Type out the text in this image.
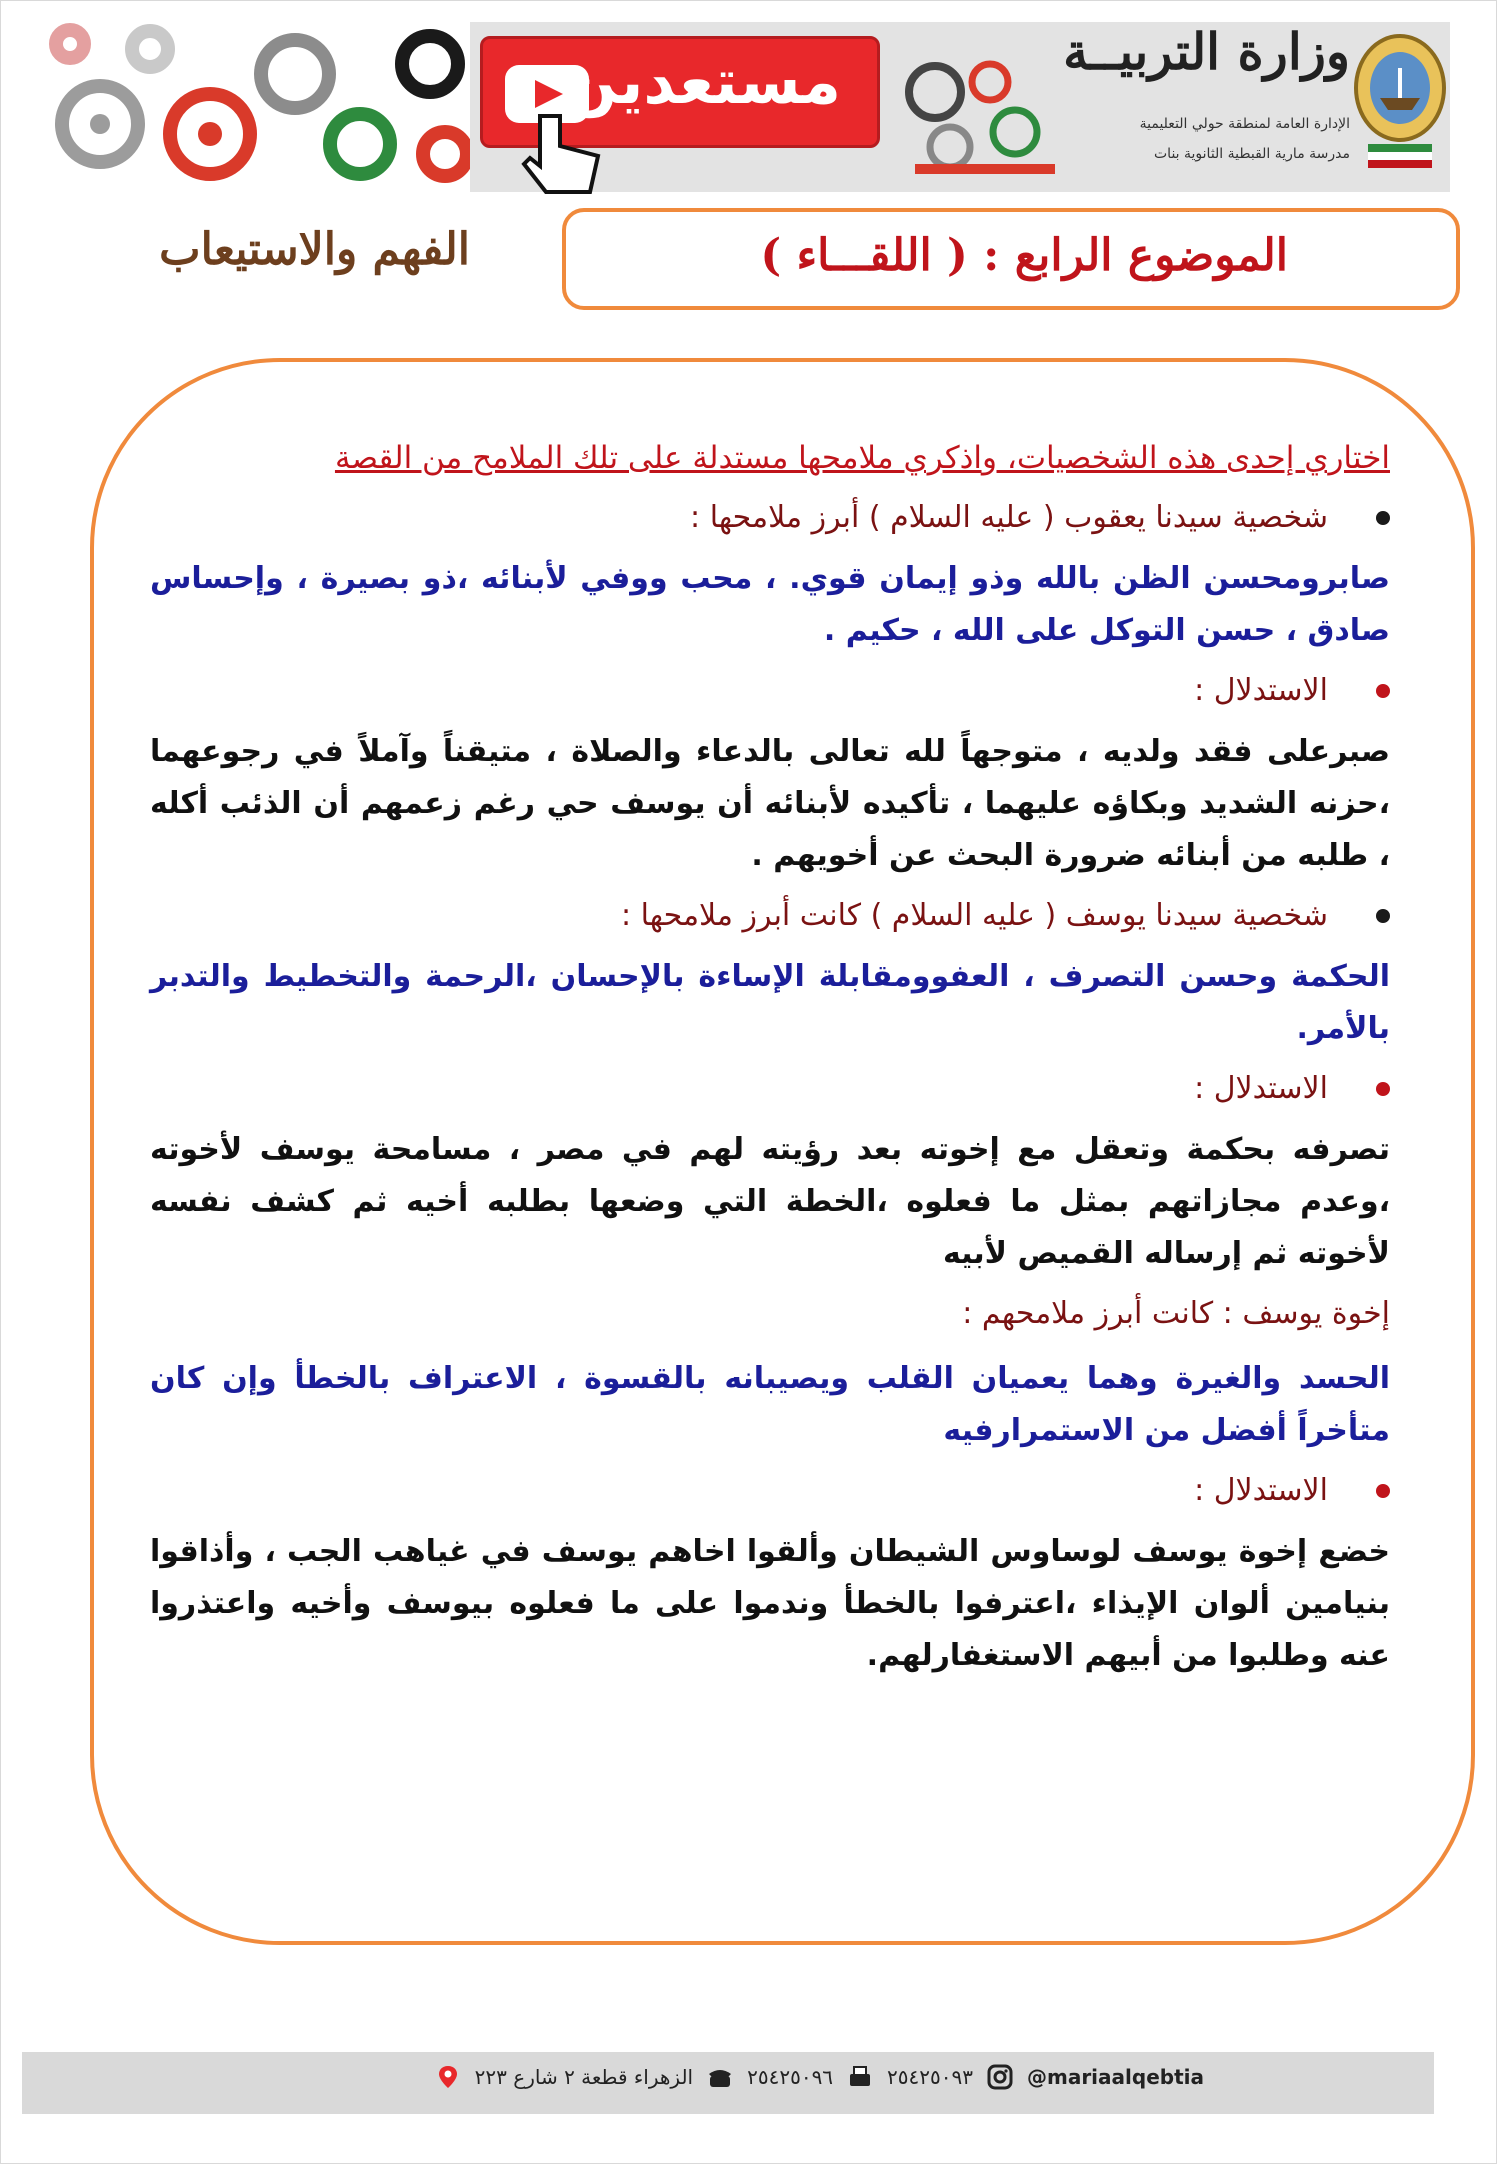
مستعدين	وزارة التربيــة
الإدارة العامة لمنطقة حولي التعليمية
مدرسة مارية القبطية الثانوية بنات
الفهم والاستيعاب	الموضوع الرابع : ( اللقـــاء )
اختاري إحدى هذه الشخصيات، واذكري ملامحها مستدلة على تلك الملامح من القصة
شخصية سيدنا يعقوب ( عليه السلام ) أبرز ملامحها :

صابرومحسن الظن بالله وذو إيمان قوي. ، محب ووفي لأبنائه ،ذو بصيرة ، وإحساس صادق ، حسن التوكل على الله ، حكيم .

الاستدلال :

صبرعلى فقد ولديه ، متوجهاً لله تعالى بالدعاء والصلاة ، متيقناً وآملاً في رجوعهما ،حزنه الشديد وبكاؤه عليهما ، تأكيده لأبنائه أن يوسف حي رغم زعمهم أن الذئب أكله ، طلبه من أبنائه ضرورة البحث عن أخويهم .

شخصية سيدنا يوسف ( عليه السلام ) كانت أبرز ملامحها :

الحكمة وحسن التصرف ، العفوومقابلة الإساءة بالإحسان ،الرحمة والتخطيط والتدبر بالأمر.

الاستدلال :

تصرفه بحكمة وتعقل مع إخوته بعد رؤيته لهم في مصر ، مسامحة يوسف لأخوته ،وعدم مجازاتهم بمثل ما فعلوه ،الخطة التي وضعها بطلبه أخيه ثم كشف نفسه لأخوته ثم إرساله القميص لأبيه

إخوة يوسف : كانت أبرز ملامحهم :

الحسد والغيرة وهما يعميان القلب ويصيبانه بالقسوة ، الاعتراف بالخطأ وإن كان متأخراً أفضل من الاستمرارفيه

الاستدلال :

خضع إخوة يوسف لوساوس الشيطان وألقوا اخاهم يوسف في غياهب الجب ، وأذاقوا بنيامين ألوان الإيذاء ،اعترفوا بالخطأ وندموا على ما فعلوه بيوسف وأخيه واعتذروا عنه وطلبوا من أبيهم الاستغفارلهم.

الزهراء قطعة ٢ شارع ٢٢٣	٢٥٤٢٥٠٩٦	٢٥٤٢٥٠٩٣	@mariaalqebtia
